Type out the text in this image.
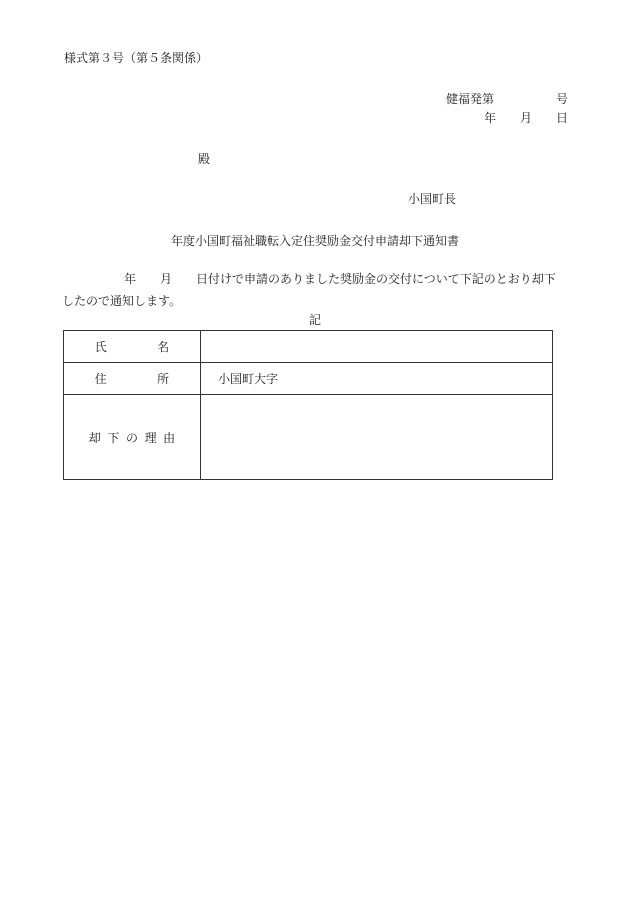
様式第３号（第５条関係）
健福発第	号
年 月 日
殿
小国町長
年度小国町福祉職転入定住奨励金交付申請却下通知書
年 月 日付けで申請のありました奨励金の交付について下記のとおり却下
したので通知します。
記
氏名	
住所	小国町大字
却下の理由	
